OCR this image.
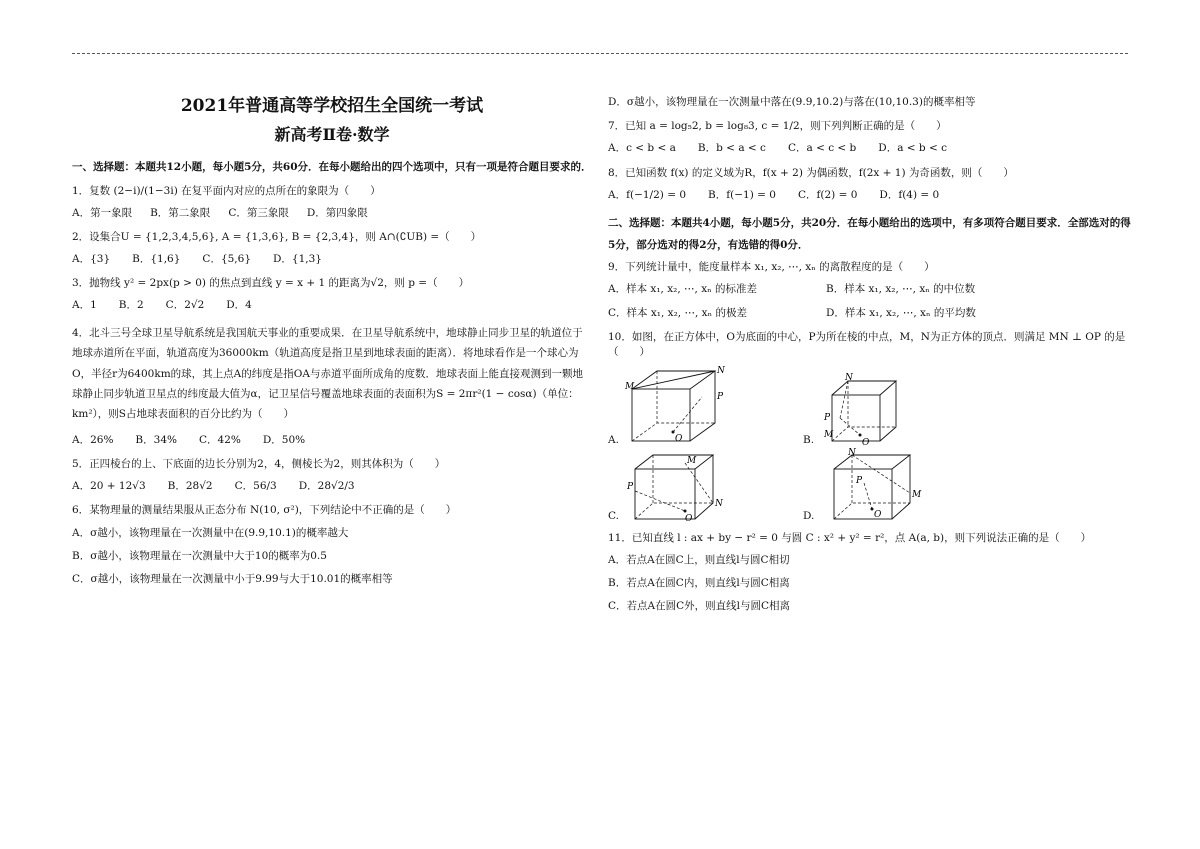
2021年普通高等学校招生全国统一考试
新高考Ⅱ卷·数学
一、选择题：本题共12小题，每小题5分，共60分．在每小题给出的四个选项中，只有一项是符合题目要求的．
1．复数 (2−i)/(1−3i) 在复平面内对应的点所在的象限为（　　）
A．第一象限 B．第二象限 C．第三象限 D．第四象限
2．设集合U = {1,2,3,4,5,6}, A = {1,3,6}, B = {2,3,4}，则 A∩(∁UB) =（　　）
A．{3} B．{1,6} C．{5,6} D．{1,3}
3．抛物线 y² = 2px(p > 0) 的焦点到直线 y = x + 1 的距离为√2，则 p =（　　）
A．1 B．2 C．2√2 D．4
4．北斗三号全球卫星导航系统是我国航天事业的重要成果．在卫星导航系统中，地球静止同步卫星的轨道位于地球赤道所在平面，轨道高度为36000km（轨道高度是指卫星到地球表面的距离）．将地球看作是一个球心为O，半径r为6400km的球，其上点A的纬度是指OA与赤道平面所成角的度数．地球表面上能直接观测到一颗地球静止同步轨道卫星点的纬度最大值为α，记卫星信号覆盖地球表面的表面积为S = 2πr²(1 − cosα)（单位：km²），则S占地球表面积的百分比约为（　　）
A．26% B．34% C．42% D．50%
5．正四棱台的上、下底面的边长分别为2，4，侧棱长为2，则其体积为（　　）
A．20 + 12√3 B．28√2 C．56/3 D．28√2/3
6．某物理量的测量结果服从正态分布 N(10, σ²)，下列结论中不正确的是（　　）
A．σ越小，该物理量在一次测量中在(9.9,10.1)的概率越大
B．σ越小，该物理量在一次测量中大于10的概率为0.5
C．σ越小，该物理量在一次测量中小于9.99与大于10.01的概率相等
D．σ越小，该物理量在一次测量中落在(9.9,10.2)与落在(10,10.3)的概率相等
7．已知 a = log₅2, b = log₈3, c = 1/2，则下列判断正确的是（　　）
A．c < b < a B．b < a < c C．a < c < b D．a < b < c
8．已知函数 f(x) 的定义域为R，f(x + 2) 为偶函数，f(2x + 1) 为奇函数，则（　　）
A．f(−1/2) = 0 B．f(−1) = 0 C．f(2) = 0 D．f(4) = 0
二、选择题：本题共4小题，每小题5分，共20分．在每小题给出的选项中，有多项符合题目要求．全部选对的得5分，部分选对的得2分，有选错的得0分．
9．下列统计量中，能度量样本 x₁, x₂, ⋯, xₙ 的离散程度的是（　　）
A．样本 x₁, x₂, ⋯, xₙ 的标准差	B．样本 x₁, x₂, ⋯, xₙ 的中位数
C．样本 x₁, x₂, ⋯, xₙ 的极差	D．样本 x₁, x₂, ⋯, xₙ 的平均数
10．如图，在正方体中，O为底面的中心，P为所在棱的中点，M，N为正方体的顶点．则满足 MN ⊥ OP 的是（　　）
A.
M
N
P
O	B.
N
P
M
O
C.
M
P
N
O	D.
N
P
M
O
11．已知直线 l : ax + by − r² = 0 与圆 C : x² + y² = r²，点 A(a, b)，则下列说法正确的是（　　）
A．若点A在圆C上，则直线l与圆C相切
B．若点A在圆C内，则直线l与圆C相离
C．若点A在圆C外，则直线l与圆C相离
